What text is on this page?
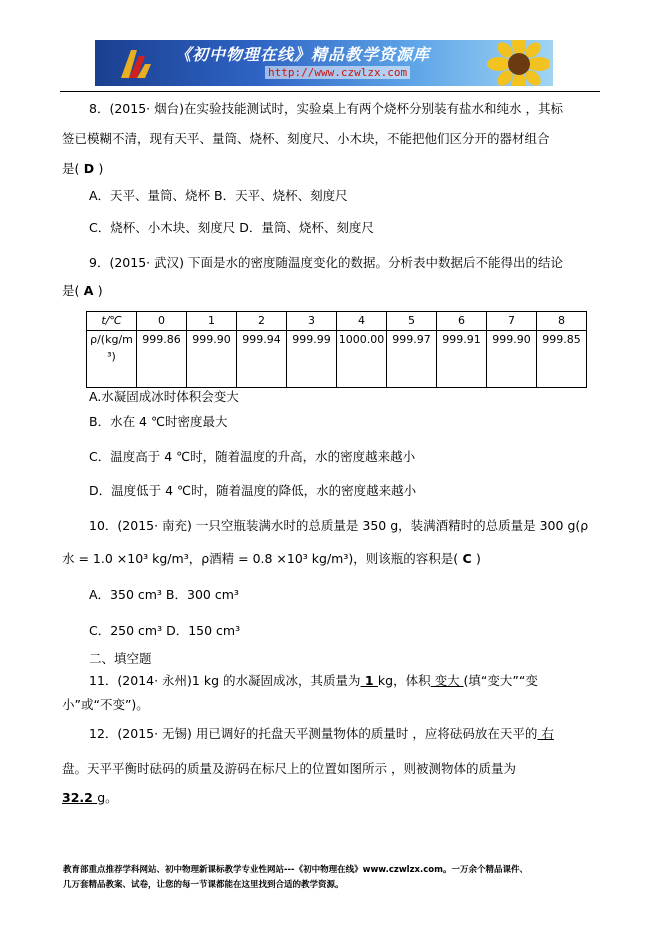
《初中物理在线》精品教学资源库
http://www.czwlzx.com
8．(2015· 烟台)在实验技能测试时，实验桌上有两个烧杯分别装有盐水和纯水 ，其标
签已模糊不清，现有天平、量筒、烧杯、刻度尺、小木块，不能把他们区分开的器材组合
是( D )
A．天平、量筒、烧杯 B．天平、烧杯、刻度尺
C．烧杯、小木块、刻度尺 D．量筒、烧杯、刻度尺
9．(2015· 武汉) 下面是水的密度随温度变化的数据。分析表中数据后不能得出的结论
是( A )
t/℃	0	1	2	3	4	5	6	7	8
ρ/(kg/m³)	999.86	999.90	999.94	999.99	1000.00	999.97	999.91	999.90	999.85
A.水凝固成冰时体积会变大
B．水在 4 ℃时密度最大
C．温度高于 4 ℃时，随着温度的升高，水的密度越来越小
D．温度低于 4 ℃时，随着温度的降低，水的密度越来越小
10．(2015· 南充) 一只空瓶装满水时的总质量是 350 g，装满酒精时的总质量是 300 g(ρ
水 = 1.0 ×10³ kg/m³，ρ酒精 = 0.8 ×10³ kg/m³)，则该瓶的容积是( C )
A．350 cm³ B．300 cm³
C．250 cm³ D．150 cm³
二、填空题
11．(2014· 永州)1 kg 的水凝固成冰，其质量为 1 kg，体积 变大 (填“变大”“变
小”或“不变”)。
12．(2015· 无锡) 用已调好的托盘天平测量物体的质量时 ，应将砝码放在天平的 右
盘。天平平衡时砝码的质量及游码在标尺上的位置如图所示 ，则被测物体的质量为
32.2 g。
教育部重点推荐学科网站、初中物理新课标教学专业性网站---《初中物理在线》www.czwlzx.com。一万余个精品课件、
几万套精品教案、试卷，让您的每一节课都能在这里找到合适的教学资源。
